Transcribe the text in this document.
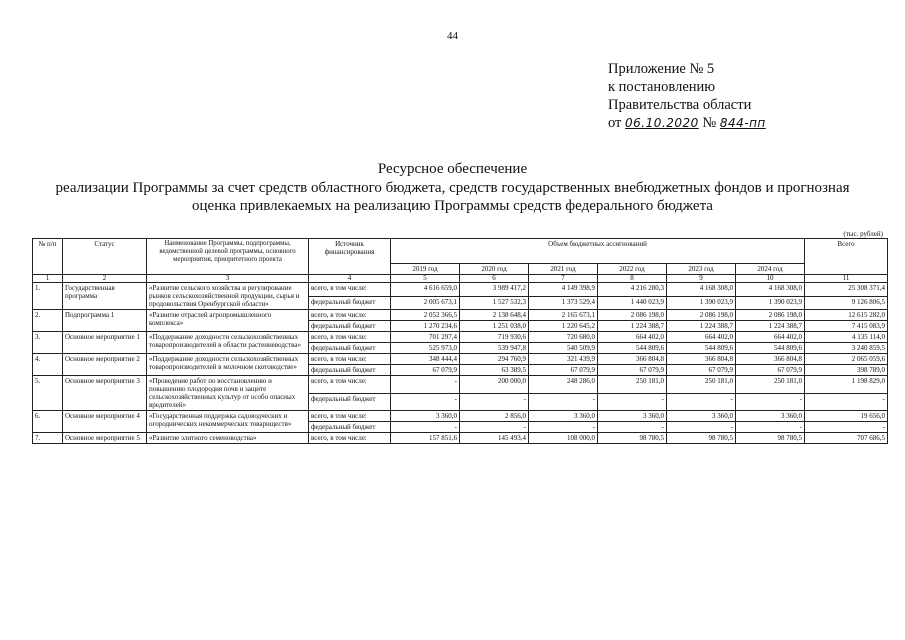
44
Приложение № 5
к постановлению
Правительства области
от 06.10.2020 № 844-пп
Ресурсное обеспечение
реализации Программы за счет средств областного бюджета, средств государственных внебюджетных фондов и прогнозная
оценка привлекаемых на реализацию Программы средств федерального бюджета
(тыс. рублей)
№ п/п	Статус	Наименование Программы, подпрограммы, ведомственной целевой программы, основного мероприятия, приоритетного проекта	Источник финансирования	Объем бюджетных ассигнований						Всего
				2019 год	2020 год	2021 год	2022 год	2023 год	2024 год	
1	2	3	4	5	6	7	8	9	10	11
1.	Государственная программа	«Развитие сельского хозяйства и регулирование рынков сельскохозяйственной продукции, сырья и продовольствия Оренбургской области»	всего, в том числе:	4 616 659,0	3 989 417,2	4 149 398,9	4 216 280,3	4 168 308,0	4 168 308,0	25 308 371,4
			федеральный бюджет	2 005 673,1	1 527 532,3	1 373 529,4	1 440 023,9	1 390 023,9	1 390 023,9	9 126 806,5
2.	Подпрограмма 1	«Развитие отраслей агропромышленного комплекса»	всего, в том числе:	2 052 366,5	2 138 648,4	2 165 673,1	2 086 198,0	2 086 198,0	2 086 198,0	12 615 282,0
			федеральный бюджет	1 270 234,6	1 251 038,0	1 220 645,2	1 224 388,7	1 224 388,7	1 224 388,7	7 415 083,9
3.	Основное мероприятие 1	«Поддержание доходности сельскохозяйственных товаропроизводителей в области растениеводства»	всего, в том числе:	701 297,4	719 930,6	720 680,0	664 402,0	664 402,0	664 402,0	4 135 114,0
			федеральный бюджет	525 973,0	539 947,8	540 509,9	544 809,6	544 809,6	544 809,6	3 240 859,5
4.	Основное мероприятие 2	«Поддержание доходности сельскохозяйственных товаропроизводителей в молочном скотоводстве»	всего, в том числе:	348 444,4	294 760,9	321 439,9	366 804,8	366 804,8	366 804,8	2 065 059,6
			федеральный бюджет	67 079,9	63 389,5	67 079,9	67 079,9	67 079,9	67 079,9	398 789,0
5.	Основное мероприятие 3	«Проведение работ по восстановлению и повышению плодородия почв и защите сельскохозяйственных культур от особо опасных вредителей»	всего, в том числе:	-	200 000,0	248 286,0	250 181,0	250 181,0	250 181,0	1 198 829,0
			федеральный бюджет	-	-	-	-	-	-	-
6.	Основное мероприятие 4	«Государственная поддержка садоводческих и огороднических некоммерческих товариществ»	всего, в том числе:	3 360,0	2 856,0	3 360,0	3 360,0	3 360,0	3 360,0	19 656,0
			федеральный бюджет	-	-	-	-	-	-	-
7.	Основное мероприятие 5	«Развитие элитного семеноводства»	всего, в том числе:	157 851,6	145 493,4	108 000,0	98 780,5	98 780,5	98 780,5	707 686,5
